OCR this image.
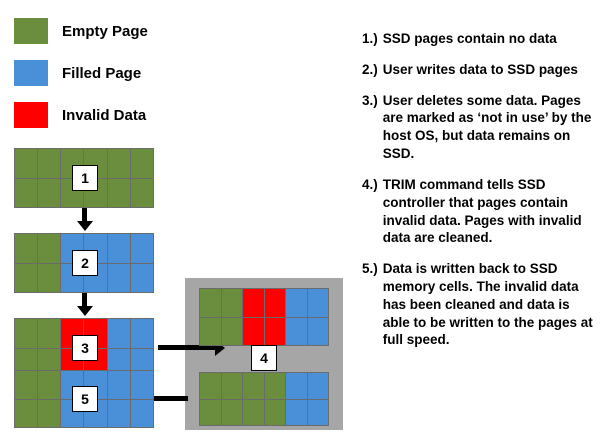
Empty Page
Filled Page
Invalid Data
1
2
3
4
5
1.) SSD pages contain no data
2.) User writes data to SSD pages
3.) User deletes some data. Pages are marked as ‘not in use’ by the host OS, but data remains on SSD.
4.) TRIM command tells SSD controller that pages contain invalid data. Pages with invalid data are cleaned.
5.) Data is written back to SSD memory cells. The invalid data has been cleaned and data is able to be written to the pages at full speed.
